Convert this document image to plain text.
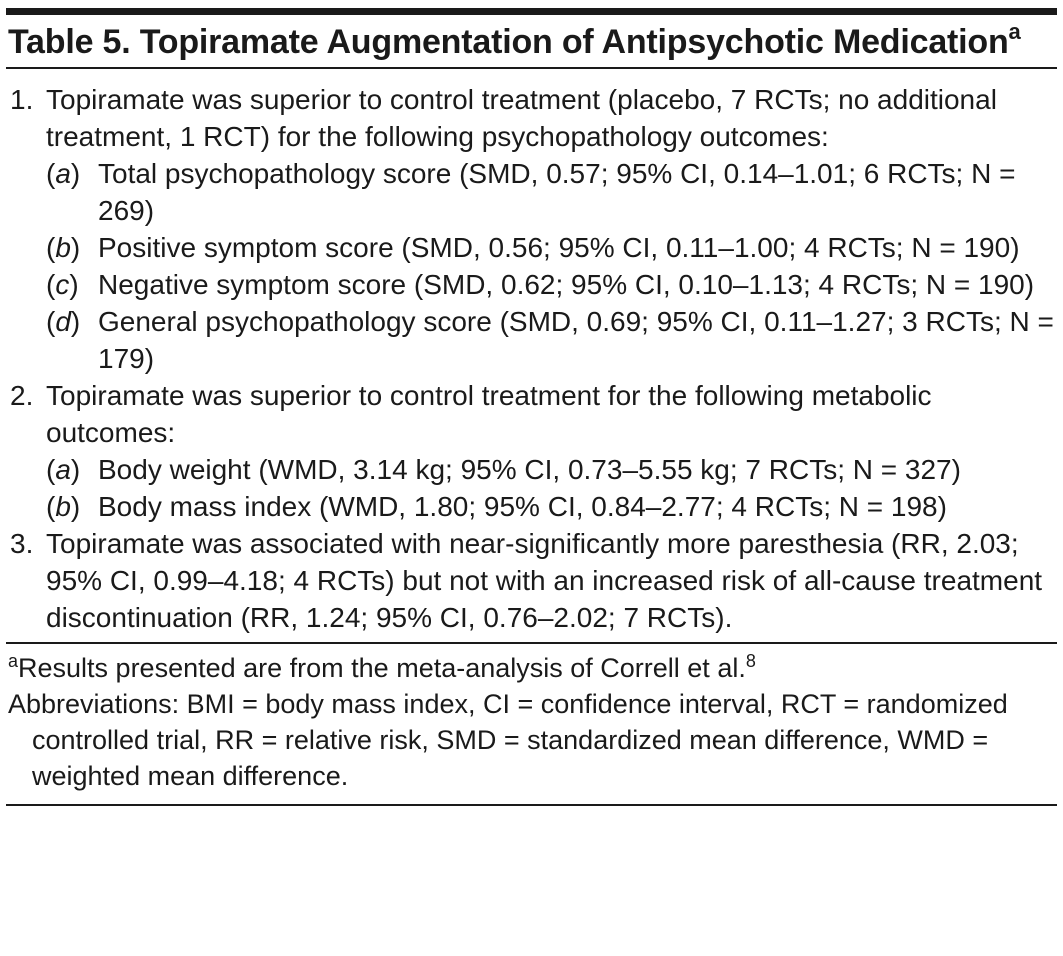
Table 5. Topiramate Augmentation of Antipsychotic Medication$^a$
1. Topiramate was superior to control treatment (placebo, 7 RCTs; no additional treatment, 1 RCT) for the following psychopathology outcomes:
(a) Total psychopathology score (SMD, 0.57; 95% CI, 0.14–1.01; 6 RCTs; N = 269)
(b) Positive symptom score (SMD, 0.56; 95% CI, 0.11–1.00; 4 RCTs; N = 190)
(c) Negative symptom score (SMD, 0.62; 95% CI, 0.10–1.13; 4 RCTs; N = 190)
(d) General psychopathology score (SMD, 0.69; 95% CI, 0.11–1.27; 3 RCTs; N = 179)
2. Topiramate was superior to control treatment for the following metabolic outcomes:
(a) Body weight (WMD, 3.14 kg; 95% CI, 0.73–5.55 kg; 7 RCTs; N = 327)
(b) Body mass index (WMD, 1.80; 95% CI, 0.84–2.77; 4 RCTs; N = 198)
3. Topiramate was associated with near-significantly more paresthesia (RR, 2.03; 95% CI, 0.99–4.18; 4 RCTs) but not with an increased risk of all-cause treatment discontinuation (RR, 1.24; 95% CI, 0.76–2.02; 7 RCTs).
$^a$Results presented are from the meta-analysis of Correll et al.$^8$
Abbreviations: BMI = body mass index, CI = confidence interval, RCT = randomized controlled trial, RR = relative risk, SMD = standardized mean difference, WMD = weighted mean difference.
